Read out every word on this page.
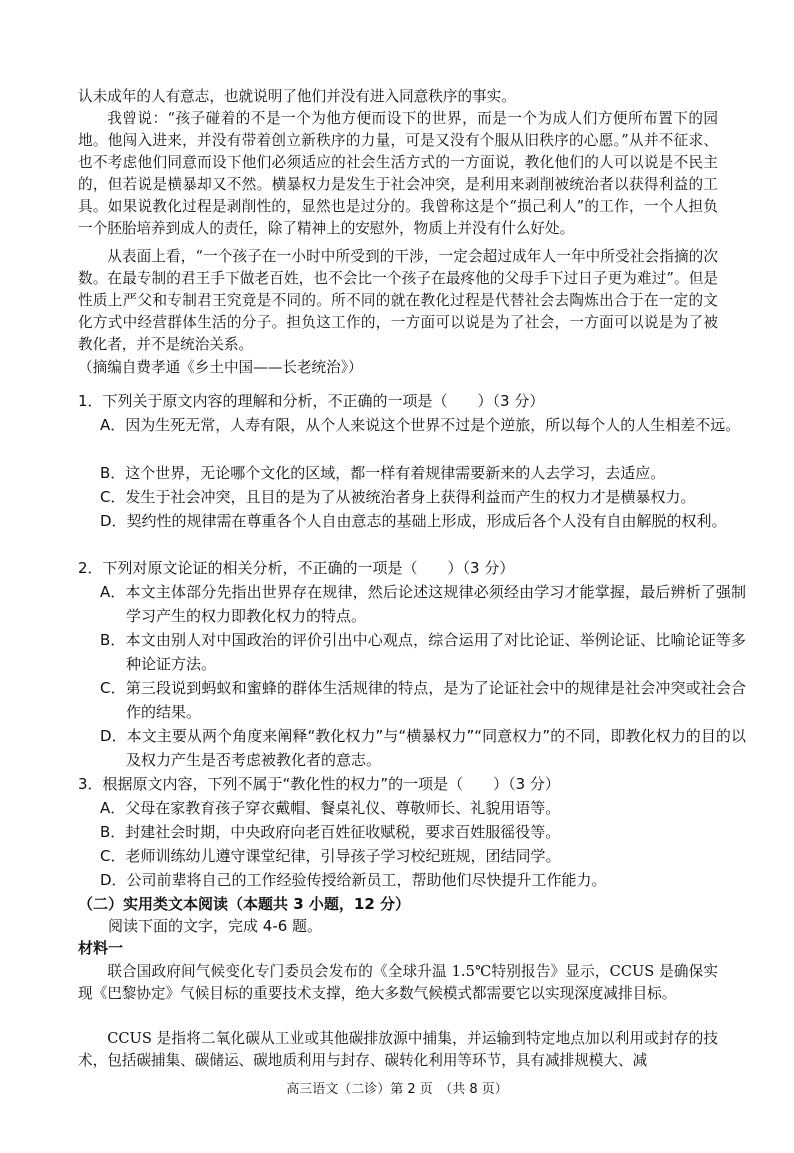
认未成年的人有意志，也就说明了他们并没有进入同意秩序的事实。
我曾说：“孩子碰着的不是一个为他方便而设下的世界，而是一个为成人们方便所布置下的园地。他闯入进来，并没有带着创立新秩序的力量，可是又没有个服从旧秩序的心愿。”从并不征求、也不考虑他们同意而设下他们必须适应的社会生活方式的一方面说，教化他们的人可以说是不民主的，但若说是横暴却又不然。横暴权力是发生于社会冲突，是利用来剥削被统治者以获得利益的工具。如果说教化过程是剥削性的，显然也是过分的。我曾称这是个“损己利人”的工作，一个人担负一个胚胎培养到成人的责任，除了精神上的安慰外，物质上并没有什么好处。
从表面上看，“一个孩子在一小时中所受到的干涉，一定会超过成年人一年中所受社会指摘的次数。在最专制的君王手下做老百姓，也不会比一个孩子在最疼他的父母手下过日子更为难过”。但是性质上严父和专制君王究竟是不同的。所不同的就在教化过程是代替社会去陶炼出合于在一定的文化方式中经营群体生活的分子。担负这工作的，一方面可以说是为了社会，一方面可以说是为了被教化者，并不是统治关系。
（摘编自费孝通《乡土中国——长老统治》）
1．下列关于原文内容的理解和分析，不正确的一项是（　　）（3 分）
A．因为生死无常，人寿有限，从个人来说这个世界不过是个逆旅，所以每个人的人生相差不远。
B．这个世界，无论哪个文化的区域，都一样有着规律需要新来的人去学习，去适应。
C．发生于社会冲突，且目的是为了从被统治者身上获得利益而产生的权力才是横暴权力。
D．契约性的规律需在尊重各个人自由意志的基础上形成，形成后各个人没有自由解脱的权利。
2．下列对原文论证的相关分析，不正确的一项是（　　）（3 分）
A．本文主体部分先指出世界存在规律，然后论述这规律必须经由学习才能掌握，最后辨析了强制学习产生的权力即教化权力的特点。
B．本文由别人对中国政治的评价引出中心观点，综合运用了对比论证、举例论证、比喻论证等多种论证方法。
C．第三段说到蚂蚁和蜜蜂的群体生活规律的特点，是为了论证社会中的规律是社会冲突或社会合作的结果。
D．本文主要从两个角度来阐释“教化权力”与“横暴权力”“同意权力”的不同，即教化权力的目的以及权力产生是否考虑被教化者的意志。
3．根据原文内容，下列不属于“教化性的权力”的一项是（　　）（3 分）
A．父母在家教育孩子穿衣戴帽、餐桌礼仪、尊敬师长、礼貌用语等。
B．封建社会时期，中央政府向老百姓征收赋税，要求百姓服徭役等。
C．老师训练幼儿遵守课堂纪律，引导孩子学习校纪班规，团结同学。
D．公司前辈将自己的工作经验传授给新员工，帮助他们尽快提升工作能力。
（二）实用类文本阅读（本题共 3 小题，12 分）
阅读下面的文字，完成 4-6 题。
材料一
联合国政府间气候变化专门委员会发布的《全球升温 1.5℃特别报告》显示，CCUS 是确保实现《巴黎协定》气候目标的重要技术支撑，绝大多数气候模式都需要它以实现深度减排目标。
CCUS 是指将二氧化碳从工业或其他碳排放源中捕集，并运输到特定地点加以利用或封存的技术，包括碳捕集、碳储运、碳地质利用与封存、碳转化利用等环节，具有减排规模大、减
高三语文（二诊）第 2 页　（共 8 页）
